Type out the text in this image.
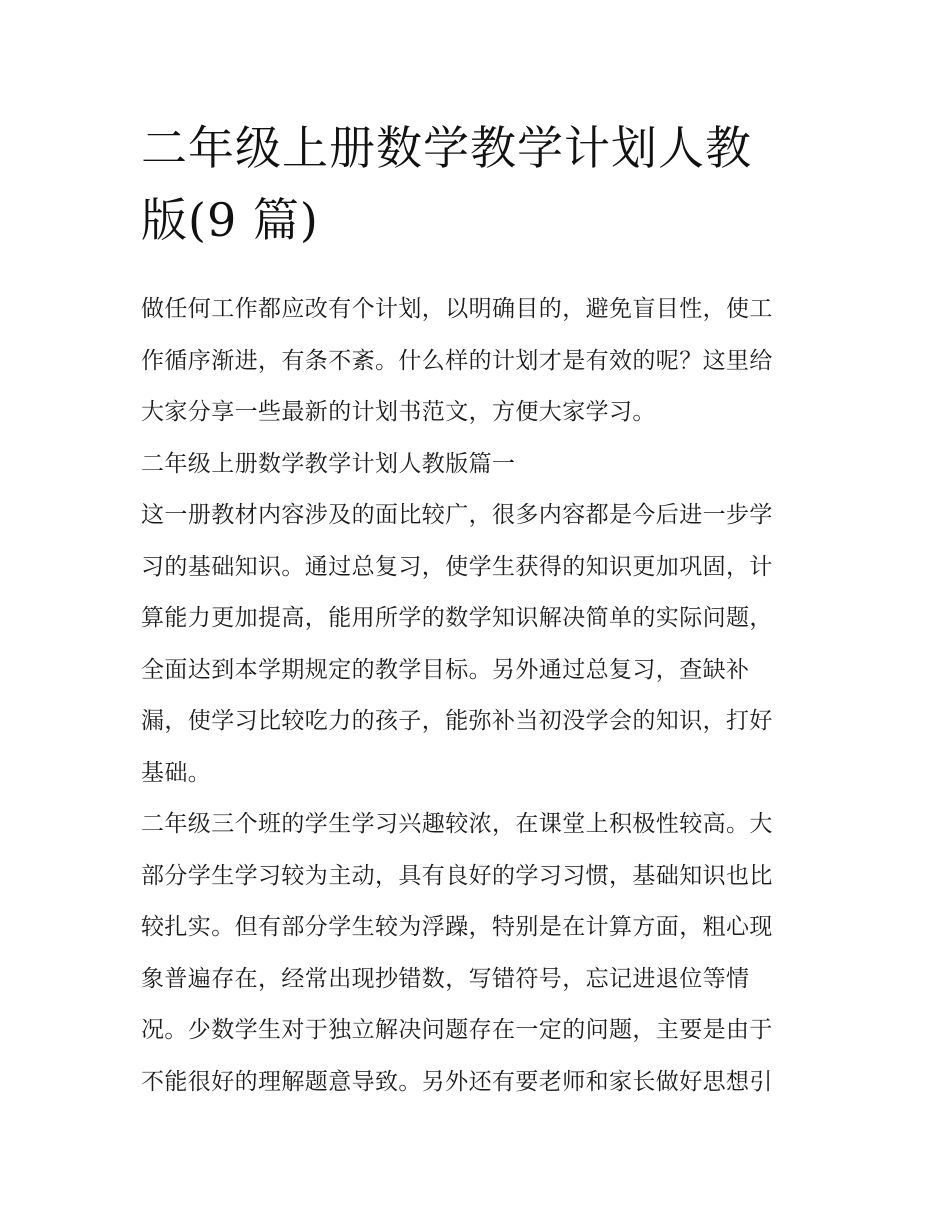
二年级上册数学教学计划人教
版(9 篇)

做任何工作都应改有个计划，以明确目的，避免盲目性，使工
作循序渐进，有条不紊。什么样的计划才是有效的呢？这里给
大家分享一些最新的计划书范文，方便大家学习。

二年级上册数学教学计划人教版篇一

这一册教材内容涉及的面比较广，很多内容都是今后进一步学
习的基础知识。通过总复习，使学生获得的知识更加巩固，计
算能力更加提高，能用所学的数学知识解决简单的实际问题，
全面达到本学期规定的教学目标。另外通过总复习，查缺补
漏，使学习比较吃力的孩子，能弥补当初没学会的知识，打好
基础。

二年级三个班的学生学习兴趣较浓，在课堂上积极性较高。大
部分学生学习较为主动，具有良好的学习习惯，基础知识也比
较扎实。但有部分学生较为浮躁，特别是在计算方面，粗心现
象普遍存在，经常出现抄错数，写错符号，忘记进退位等情
况。少数学生对于独立解决问题存在一定的问题，主要是由于
不能很好的理解题意导致。另外还有要老师和家长做好思想引
